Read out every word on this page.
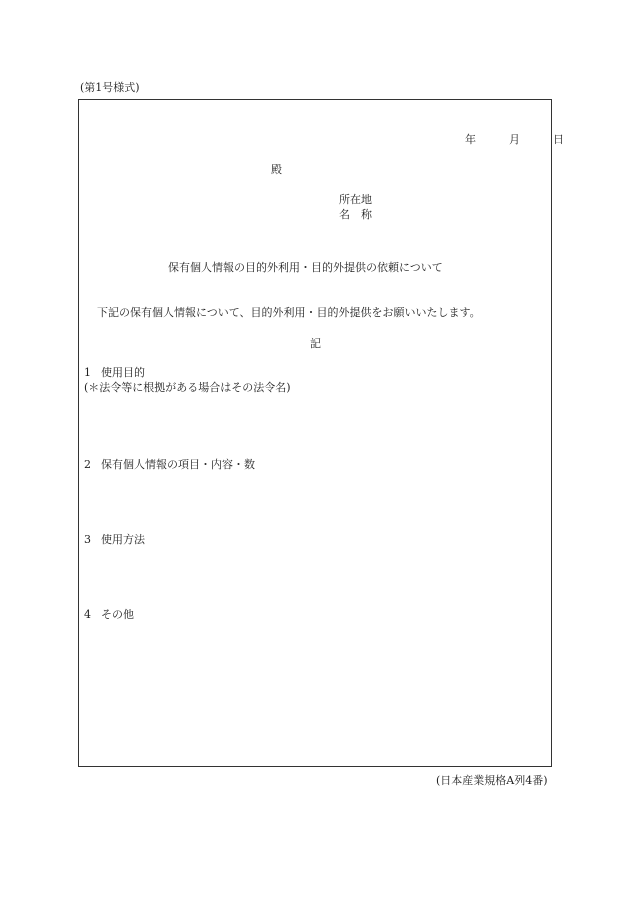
(第1号様式)
年	月	日
殿
所在地
名　称
保有個人情報の目的外利用・目的外提供の依頼について
下記の保有個人情報について、目的外利用・目的外提供をお願いいたします。
記
1 使用目的
(＊法令等に根拠がある場合はその法令名)
2 保有個人情報の項目・内容・数
3 使用方法
4 その他
(日本産業規格A列4番)
